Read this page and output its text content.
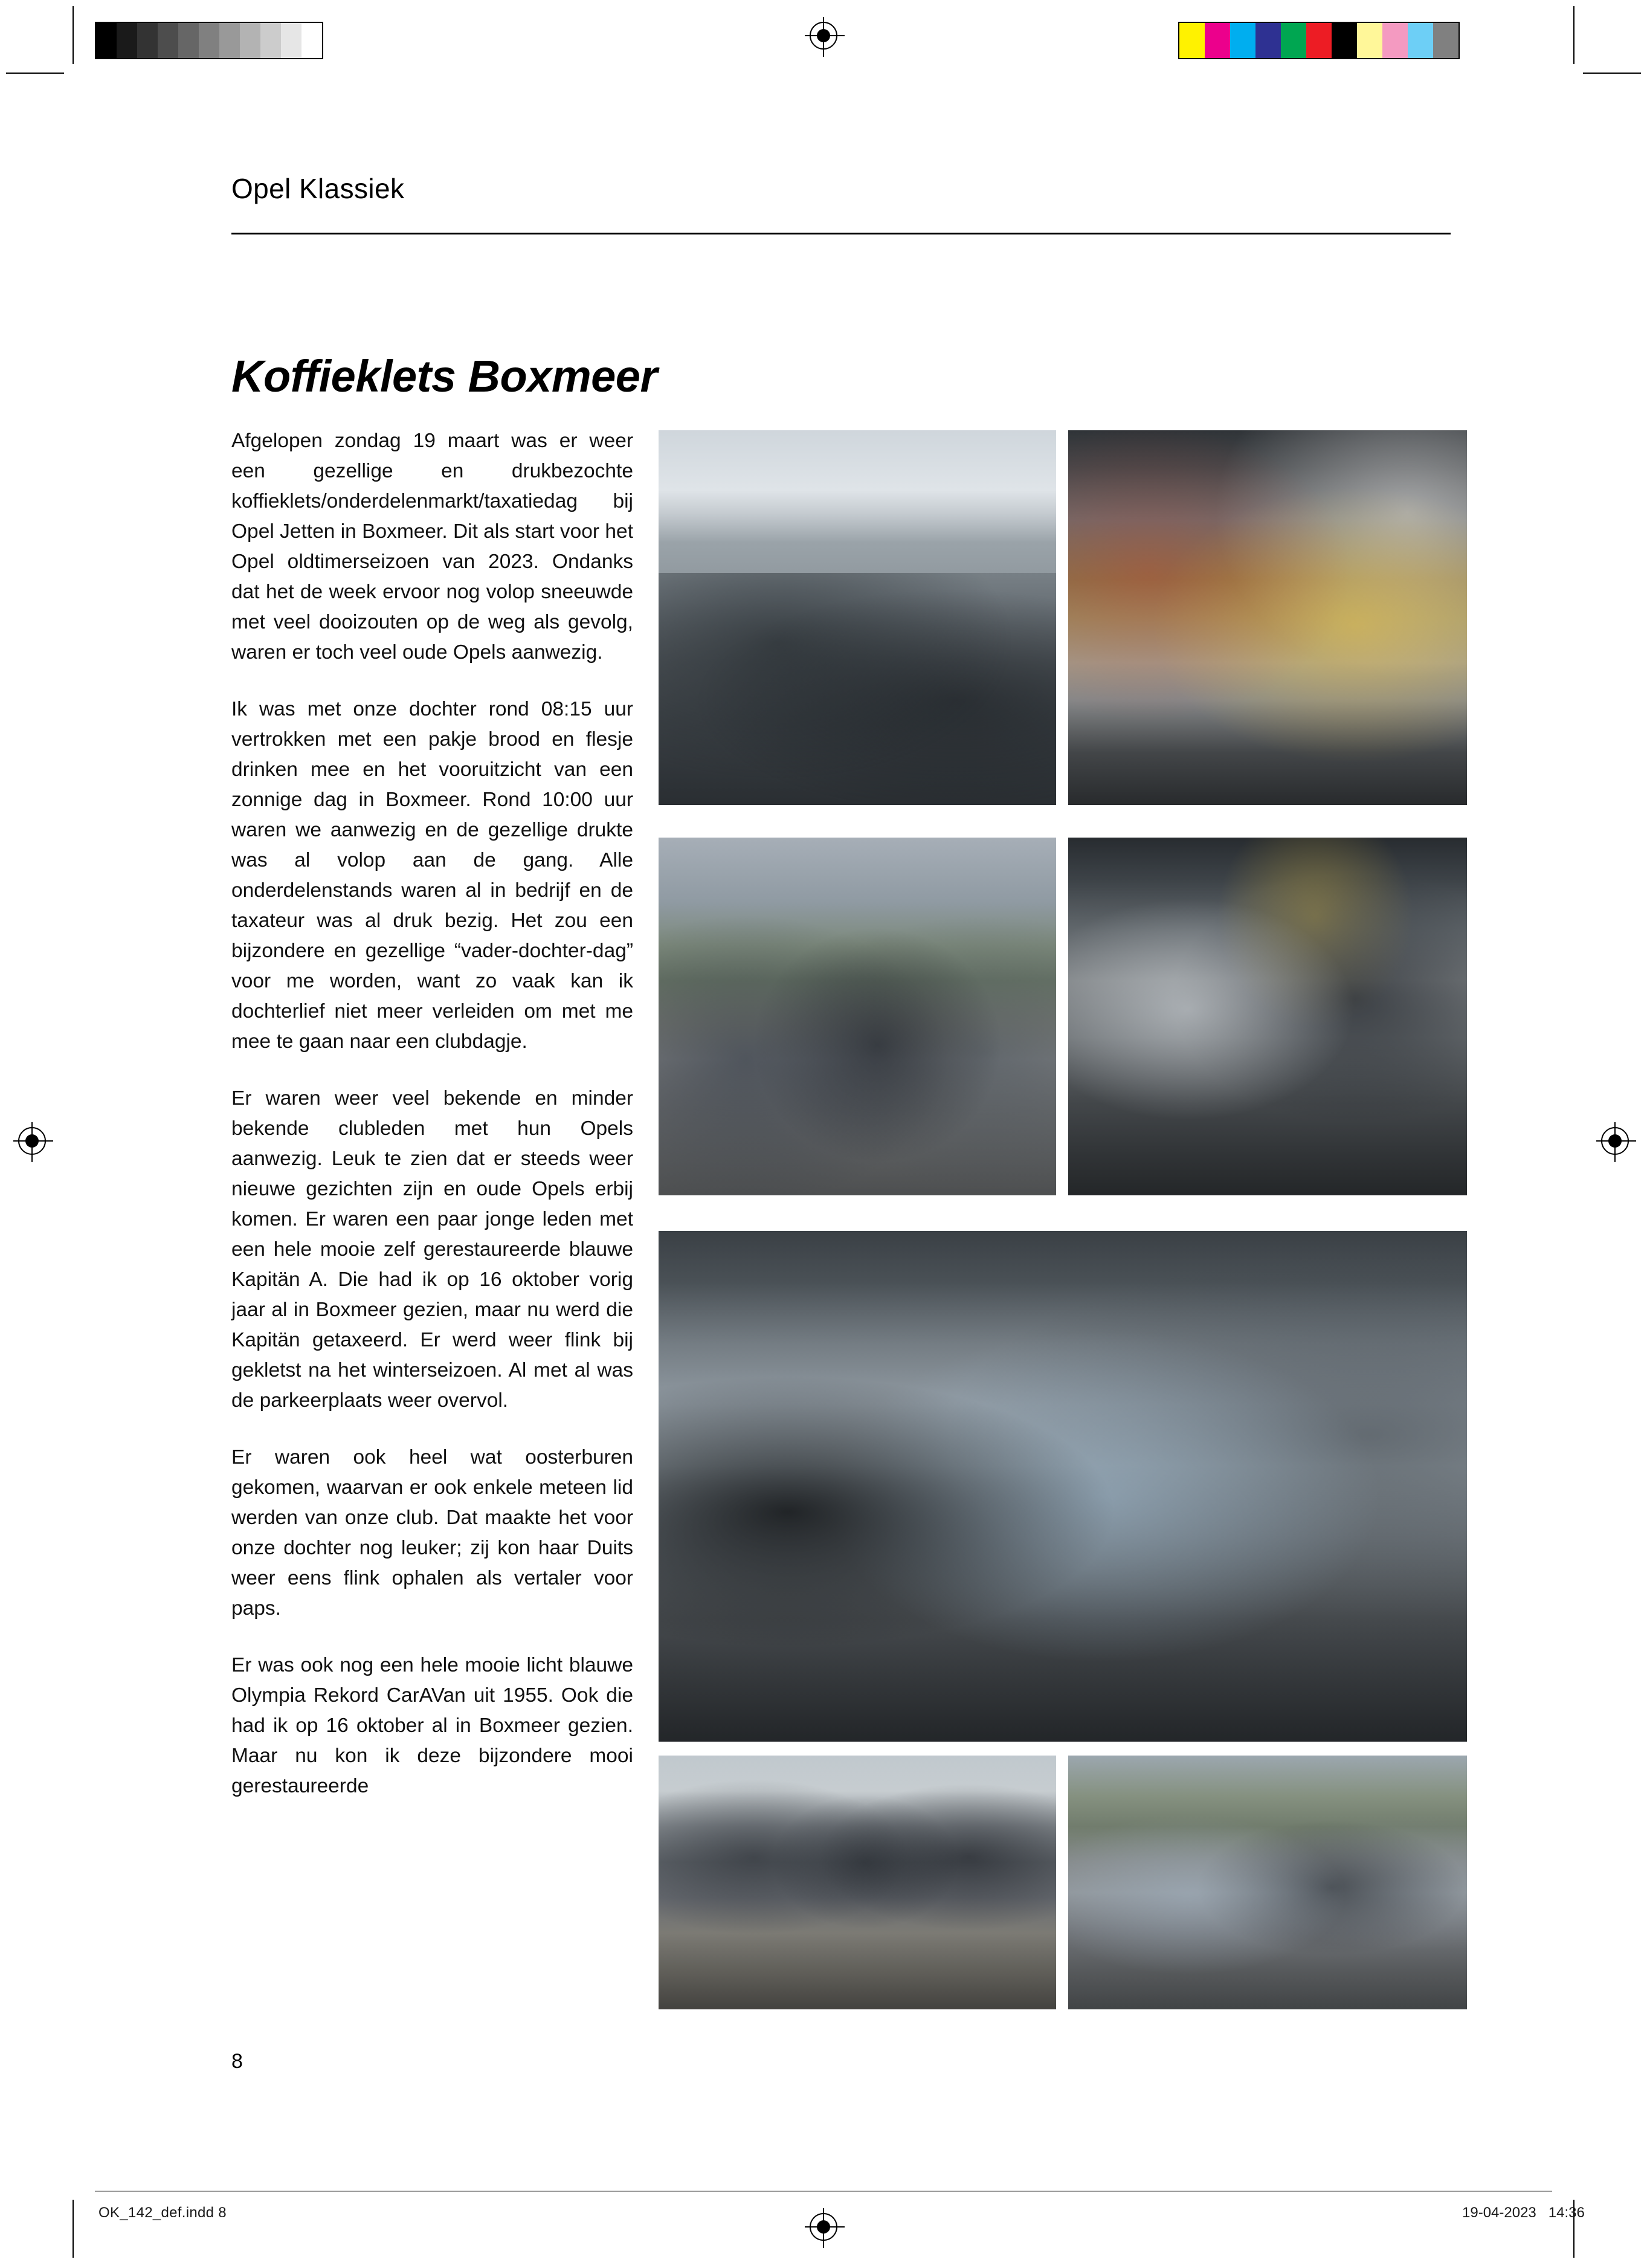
Opel Klassiek
Koffieklets Boxmeer

Afgelopen zondag 19 maart was er weer een gezellige en drukbezochte koffieklets/onderdelenmarkt/taxatiedag bij Opel Jetten in Boxmeer. Dit als start voor het Opel oldtimerseizoen van 2023. Ondanks dat het de week ervoor nog volop sneeuwde met veel dooizouten op de weg als gevolg, waren er toch veel oude Opels aanwezig.

Ik was met onze dochter rond 08:15 uur vertrokken met een pakje brood en flesje drinken mee en het vooruitzicht van een zonnige dag in Boxmeer. Rond 10:00 uur waren we aanwezig en de gezellige drukte was al volop aan de gang. Alle onderdelenstands waren al in bedrijf en de taxateur was al druk bezig. Het zou een bijzondere en gezellige “vader-dochter-dag” voor me worden, want zo vaak kan ik dochterlief niet meer verleiden om met me mee te gaan naar een clubdagje.

Er waren weer veel bekende en minder bekende clubleden met hun Opels aanwezig. Leuk te zien dat er steeds weer nieuwe gezichten zijn en oude Opels erbij komen. Er waren een paar jonge leden met een hele mooie zelf gerestaureerde blauwe Kapitän A. Die had ik op 16 oktober vorig jaar al in Boxmeer gezien, maar nu werd die Kapitän getaxeerd. Er werd weer flink bij gekletst na het winterseizoen. Al met al was de parkeerplaats weer overvol.

Er waren ook heel wat oosterburen gekomen, waarvan er ook enkele meteen lid werden van onze club. Dat maakte het voor onze dochter nog leuker; zij kon haar Duits weer eens flink ophalen als vertaler voor paps.

Er was ook nog een hele mooie licht blauwe Olympia Rekord CarAVan uit 1955. Ook die had ik op 16 oktober al in Boxmeer gezien. Maar nu kon ik deze bijzondere mooi gerestaureerde

8
OK_142_def.indd 8	19-04-2023   14:36
